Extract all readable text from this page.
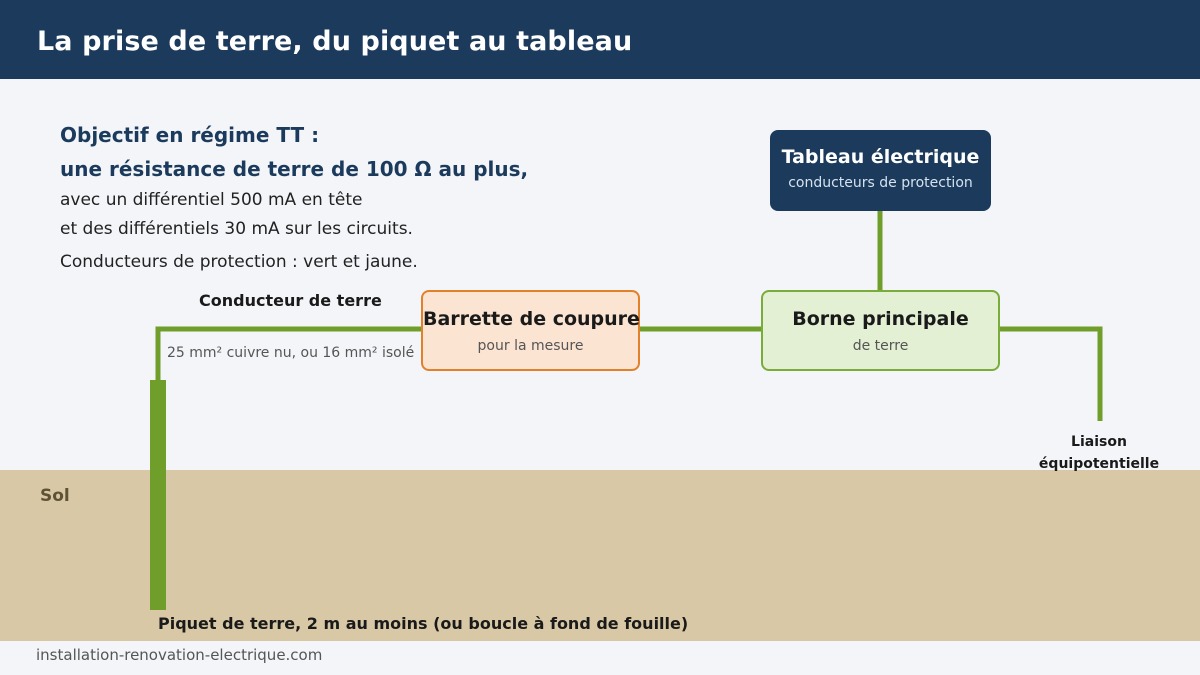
La prise de terre, du piquet au tableau
Sol
Objectif en régime TT :
une résistance de terre de 100 Ω au plus,
avec un différentiel 500 mA en tête
et des différentiels 30 mA sur les circuits.
Conducteurs de protection : vert et jaune.
Tableau électrique
conducteurs de protection
Barrette de coupure
pour la mesure
Borne principale
de terre
Conducteur de terre
25 mm² cuivre nu, ou 16 mm² isolé
Liaison équipotentielle
Piquet de terre, 2 m au moins (ou boucle à fond de fouille)
installation-renovation-electrique.com
